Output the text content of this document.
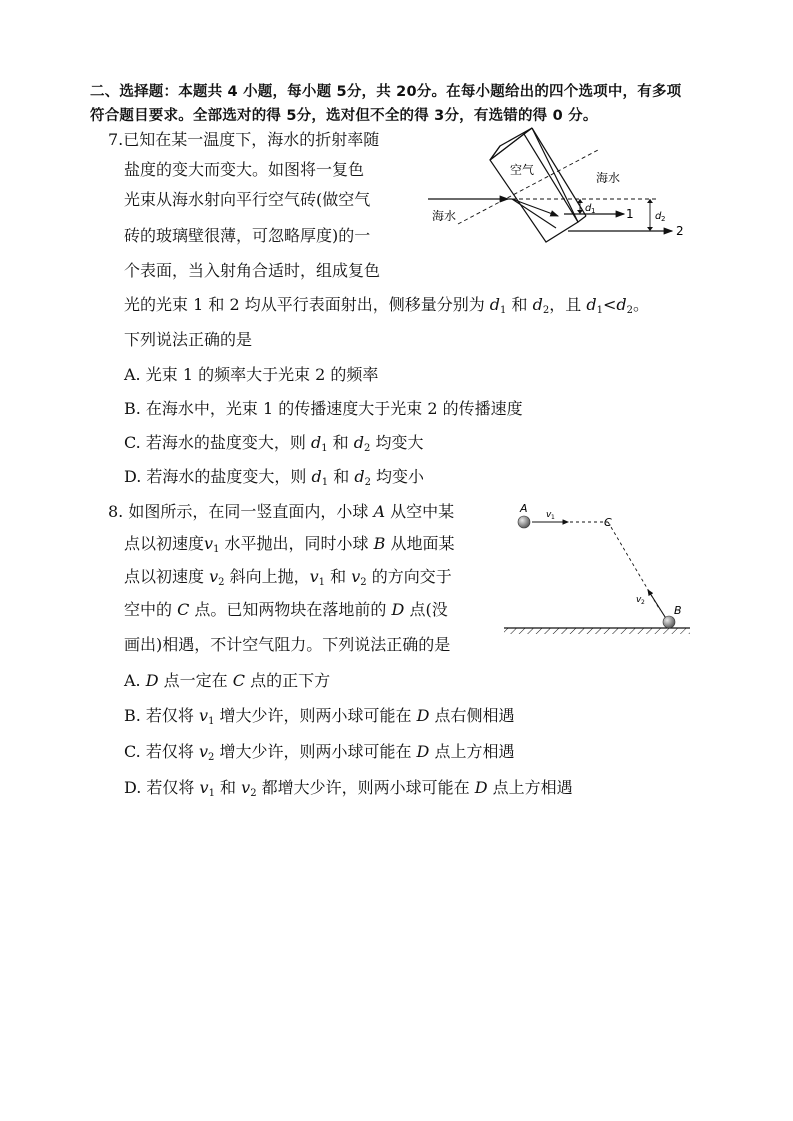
二、选择题：本题共 4 小题，每小题 5分，共 20分。在每小题给出的四个选项中，有多项
符合题目要求。全部选对的得 5分，选对但不全的得 3分，有选错的得 0 分。
7.已知在某一温度下，海水的折射率随
盐度的变大而变大。如图将一复色
光束从海水射向平行空气砖(做空气
砖的玻璃壁很薄，可忽略厚度)的一
个表面，当入射角合适时，组成复色
光的光束 1 和 2 均从平行表面射出，侧移量分别为 $d_1$ 和 $d_2$，且 $d_1<d_2$。
下列说法正确的是
A. 光束 1 的频率大于光束 2 的频率
B. 在海水中，光束 1 的传播速度大于光束 2 的传播速度
C. 若海水的盐度变大，则 $d_1$ 和 $d_2$ 均变大
D. 若海水的盐度变大，则 $d_1$ 和 $d_2$ 均变小
空气
海水
海水	1
2
d 1	d 2
8. 如图所示，在同一竖直面内，小球 A 从空中某
点以初速度$v_1$ 水平抛出，同时小球 B 从地面某
点以初速度 $v_2$ 斜向上抛，$v_1$ 和 $v_2$ 的方向交于
空中的 C 点。已知两物块在落地前的 D 点(没
画出)相遇，不计空气阻力。下列说法正确的是
A. D 点一定在 C 点的正下方
B. 若仅将 $v_1$ 增大少许，则两小球可能在 D 点右侧相遇
C. 若仅将 $v_2$ 增大少许，则两小球可能在 D 点上方相遇
D. 若仅将 $v_1$ 和 $v_2$ 都增大少许，则两小球可能在 D 点上方相遇
A v 1	C
v 2
B
